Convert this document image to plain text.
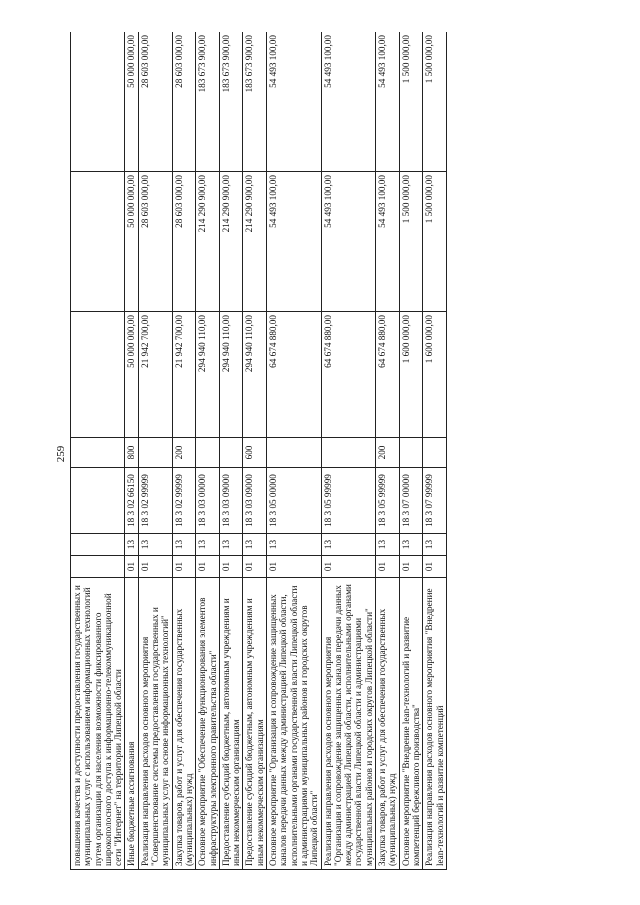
259
повышения качества и доступности предоставления государственных и муниципальных услуг с использованием информационных технологий путем организации для населения возможности фиксированного широкополосного доступа к информационно-телекоммуникационной сети "Интернет" на территории Липецкой области							
Иные бюджетные ассигнования	01	13	18 3 02 66150	800	50 000 000,00	50 000 000,00	50 000 000,00
Реализация направления расходов основного мероприятия "Совершенствование системы предоставления государственных и муниципальных услуг на основе информационных технологий"	01	13	18 3 02 99999		21 942 700,00	28 603 000,00	28 603 000,00
Закупка товаров, работ и услуг для обеспечения государственных (муниципальных) нужд	01	13	18 3 02 99999	200	21 942 700,00	28 603 000,00	28 603 000,00
Основное мероприятие "Обеспечение функционирования элементов инфраструктуры электронного правительства области"	01	13	18 3 03 00000		294 940 110,00	214 290 900,00	183 673 900,00
Предоставление субсидий бюджетным, автономным учреждениям и иным некоммерческим организациям	01	13	18 3 03 09000		294 940 110,00	214 290 900,00	183 673 900,00
Предоставление субсидий бюджетным, автономным учреждениям и иным некоммерческим организациям	01	13	18 3 03 09000	600	294 940 110,00	214 290 900,00	183 673 900,00
Основное мероприятие "Организация и сопровождение защищенных каналов передачи данных между администрацией Липецкой области, исполнительными органами государственной власти Липецкой области и администрациями муниципальных районов и городских округов Липецкой области"	01	13	18 3 05 00000		64 674 880,00	54 493 100,00	54 493 100,00
Реализация направления расходов основного мероприятия "Организация и сопровождение защищенных каналов передачи данных между администрацией Липецкой области, исполнительными органами государственной власти Липецкой области и администрациями муниципальных районов и городских округов Липецкой области"	01	13	18 3 05 99999		64 674 880,00	54 493 100,00	54 493 100,00
Закупка товаров, работ и услуг для обеспечения государственных (муниципальных) нужд	01	13	18 3 05 99999	200	64 674 880,00	54 493 100,00	54 493 100,00
Основное мероприятие "Внедрение lean-технологий и развитие компетенций бережливого производства"	01	13	18 3 07 00000		1 600 000,00	1 500 000,00	1 500 000,00
Реализация направления расходов основного мероприятия "Внедрение lean-технологий и развитие компетенций	01	13	18 3 07 99999		1 600 000,00	1 500 000,00	1 500 000,00
